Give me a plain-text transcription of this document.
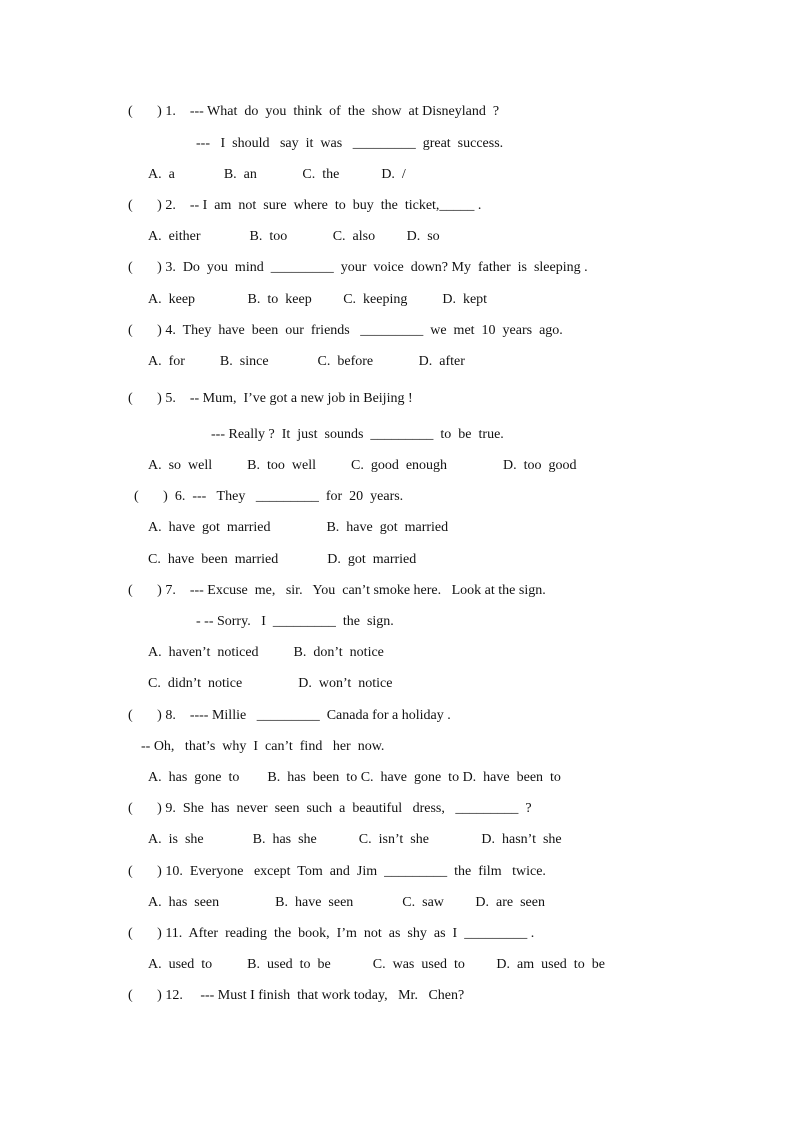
(       ) 1.    --- What  do  you  think  of  the  show  at Disneyland  ?
---   I  should   say  it  was   _________  great  success.
A.  a              B.  an             C.  the            D.  /
(       ) 2.    -- I  am  not  sure  where  to  buy  the  ticket,_____ .
A.  either              B.  too             C.  also         D.  so
(       ) 3.  Do  you  mind  _________  your  voice  down? My  father  is  sleeping .
A.  keep               B.  to  keep         C.  keeping          D.  kept
(       ) 4.  They  have  been  our  friends   _________  we  met  10  years  ago.
A.  for          B.  since              C.  before             D.  after
(       ) 5.    -- Mum,  I’ve got a new job in Beijing !
--- Really ?  It  just  sounds  _________  to  be  true.
A.  so  well          B.  too  well          C.  good  enough                D.  too  good
(       )  6.  ---   They   _________  for  20  years.
A.  have  got  married                B.  have  got  married
C.  have  been  married              D.  got  married
(       ) 7.    --- Excuse  me,   sir.   You  can’t smoke here.   Look at the sign.
- -- Sorry.   I  _________  the  sign.
A.  haven’t  noticed          B.  don’t  notice
C.  didn’t  notice                D.  won’t  notice
(       ) 8.    ---- Millie   _________  Canada for a holiday .
-- Oh,   that’s  why  I  can’t  find   her  now.
A.  has  gone  to        B.  has  been  to C.  have  gone  to D.  have  been  to
(       ) 9.  She  has  never  seen  such  a  beautiful   dress,   _________  ?
A.  is  she              B.  has  she            C.  isn’t  she               D.  hasn’t  she
(       ) 10.  Everyone   except  Tom  and  Jim  _________  the  film   twice.
A.  has  seen                B.  have  seen              C.  saw         D.  are  seen
(       ) 11.  After  reading  the  book,  I’m  not  as  shy  as  I  _________ .
A.  used  to          B.  used  to  be            C.  was  used  to         D.  am  used  to  be
(       ) 12.     --- Must I finish  that work today,   Mr.   Chen?
